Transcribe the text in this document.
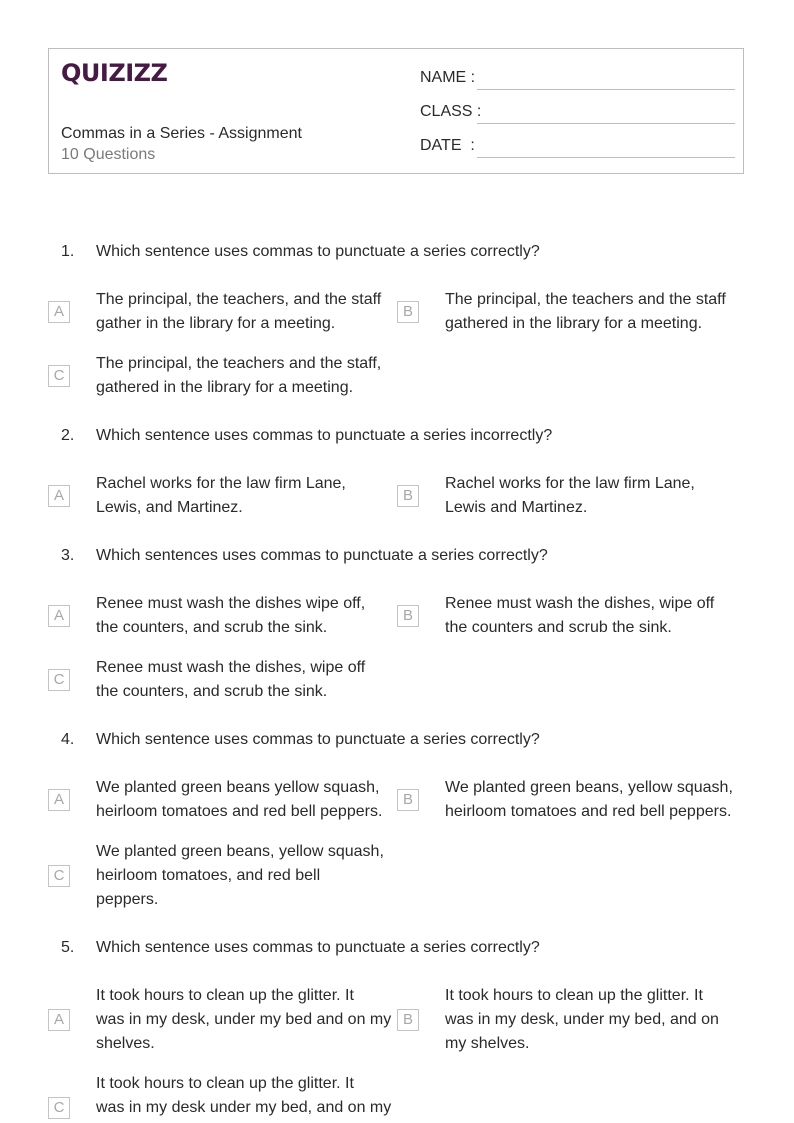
QUIZIZZ
Commas in a Series - Assignment
10 Questions
NAME :
CLASS :
DATE  :
1. Which sentence uses commas to punctuate a series correctly?
A
The principal, the teachers, and the staff
gather in the library for a meeting.
B
The principal, the teachers and the staff
gathered in the library for a meeting.
C
The principal, the teachers and the staff,
gathered in the library for a meeting.
2. Which sentence uses commas to punctuate a series incorrectly?
A
Rachel works for the law firm Lane,
Lewis, and Martinez.
B
Rachel works for the law firm Lane,
Lewis and Martinez.
3. Which sentences uses commas to punctuate a series correctly?
A
Renee must wash the dishes wipe off,
the counters, and scrub the sink.
B
Renee must wash the dishes, wipe off
the counters and scrub the sink.
C
Renee must wash the dishes, wipe off
the counters, and scrub the sink.
4. Which sentence uses commas to punctuate a series correctly?
A
We planted green beans yellow squash,
heirloom tomatoes and red bell peppers.
B
We planted green beans, yellow squash,
heirloom tomatoes and red bell peppers.
C
We planted green beans, yellow squash,
heirloom tomatoes, and red bell
peppers.
5. Which sentence uses commas to punctuate a series correctly?
A
It took hours to clean up the glitter. It
was in my desk, under my bed and on my
shelves.
B
It took hours to clean up the glitter. It
was in my desk, under my bed, and on
my shelves.
C
It took hours to clean up the glitter. It
was in my desk under my bed, and on my
